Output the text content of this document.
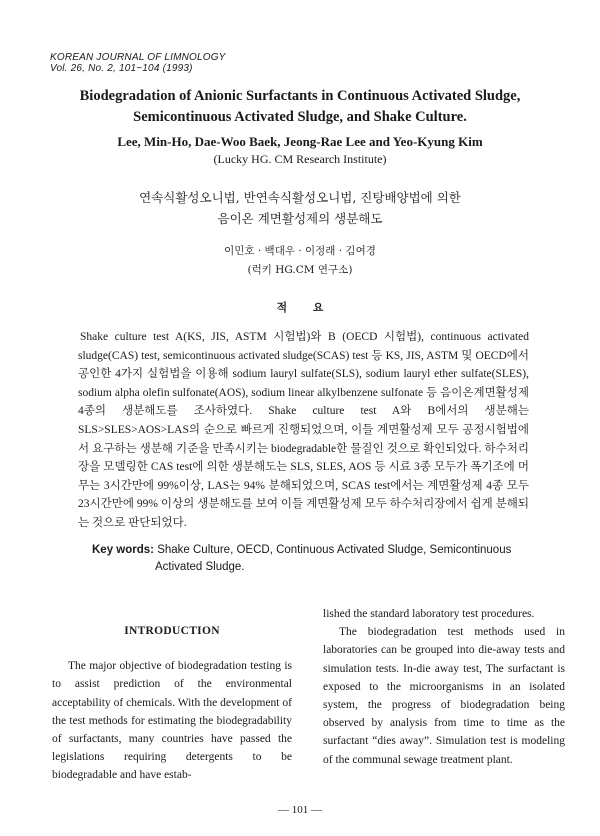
KOREAN JOURNAL OF LIMNOLOGY
Vol. 26, No. 2, 101~104 (1993)
Biodegradation of Anionic Surfactants in Continuous Activated Sludge,
Semicontinuous Activated Sludge, and Shake Culture.
Lee, Min-Ho, Dae-Woo Baek, Jeong-Rae Lee and Yeo-Kyung Kim
(Lucky HG. CM Research Institute)
연속식활성오니법, 반연속식활성오니법, 진탕배양법에 의한
음이온 계면활성제의 생분해도
이민호 · 백대우 · 이정래 · 김여경
(럭키 HG.CM 연구소)
적 요

Shake culture test A(KS, JIS, ASTM 시험법)와 B (OECD 시험법), continuous activated sludge(CAS) test, semicontinuous activated sludge(SCAS) test 등 KS, JIS, ASTM 및 OECD에서 공인한 4가지 실험법을 이용해 sodium lauryl sulfate(SLS), sodium lauryl ether sulfate(SLES), sodium alpha olefin sulfonate(AOS), sodium linear alkylbenzene sulfonate 등 음이온계면활성제 4종의 생분해도를 조사하였다. Shake culture test A와 B에서의 생분해는 SLS>SLES>AOS>LAS의 순으로 빠르게 진행되었으며, 이들 계면활성제 모두 공정시험법에서 요구하는 생분해 기준을 만족시키는 biodegradable한 물질인 것으로 확인되었다. 하수처리장을 모델링한 CAS test에 의한 생분해도는 SLS, SLES, AOS 등 시료 3종 모두가 폭기조에 머무는 3시간만에 99%이상, LAS는 94% 분해되었으며, SCAS test에서는 계면활성제 4종 모두 23시간만에 99% 이상의 생분해도를 보여 이들 계면활성제 모두 하수처리장에서 쉽게 분해되는 것으로 판단되었다.

Key words: Shake Culture, OECD, Continuous Activated Sludge, Semicontinuous
Activated Sludge.
INTRODUCTION

The major objective of biodegradation testing is to assist prediction of the environmental acceptability of chemicals. With the development of the test methods for estimating the biodegradability of surfactants, many countries have passed the legislations requiring detergents to be biodegradable and have estab-

lished the standard laboratory test procedures.

The biodegradation test methods used in laboratories can be grouped into die-away tests and simulation tests. In-die away test, The surfactant is exposed to the microorganisms in an isolated system, the progress of biodegradation being observed by analysis from time to time as the surfactant “dies away”. Simulation test is modeling of the communal sewage treatment plant.

— 101 —
